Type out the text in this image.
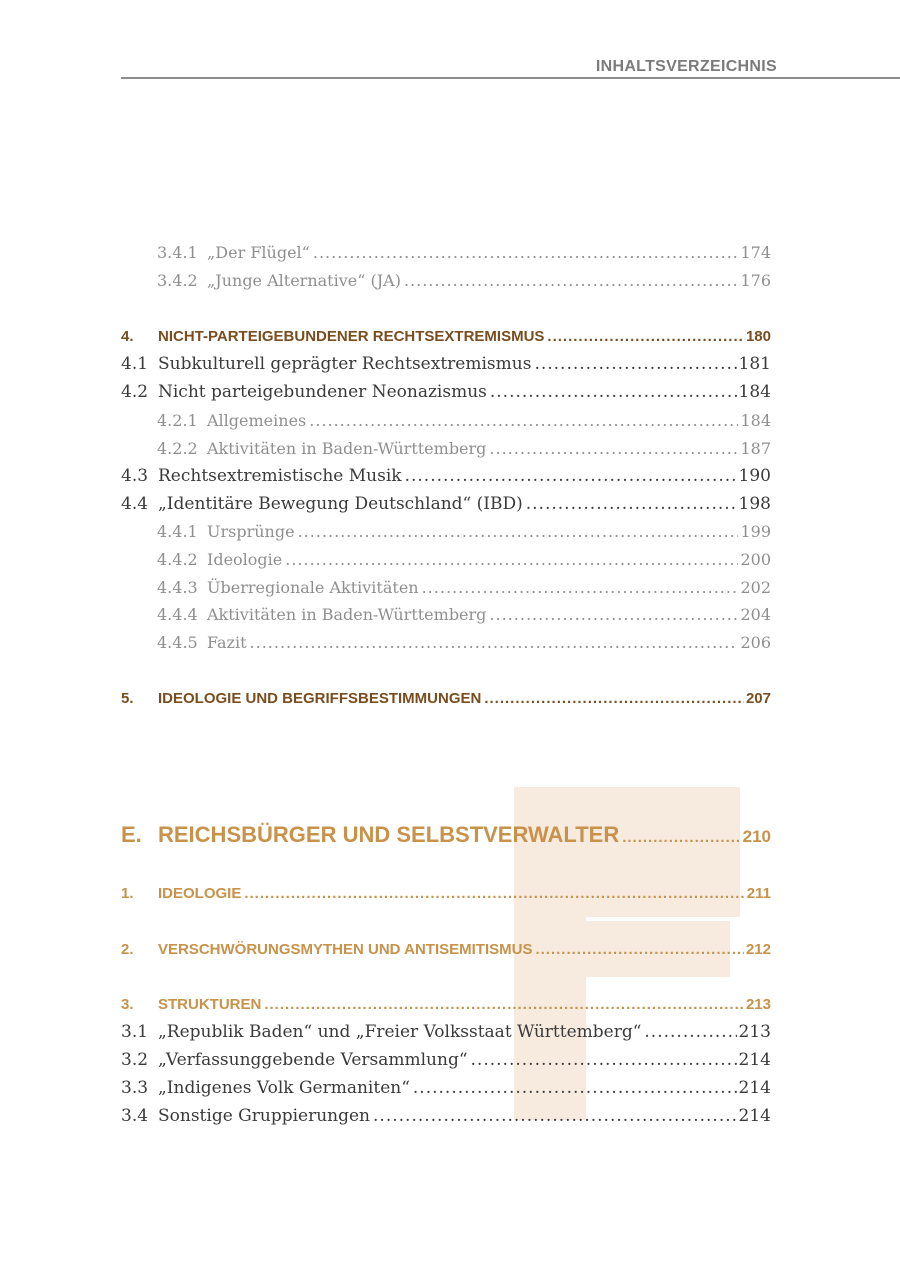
INHALTSVERZEICHNIS
3.4.1 „Der Flügel“ .....	174
3.4.2 „Junge Alternative“ (JA) .....	176
4.	NICHT-PARTEIGEBUNDENER RECHTSEXTREMISMUS .....	180
4.1 Subkulturell geprägter Rechtsextremismus .....	181
4.2 Nicht parteigebundener Neonazismus .....	184
4.2.1 Allgemeines .....	184
4.2.2 Aktivitäten in Baden-Württemberg .....	187
4.3 Rechtsextremistische Musik .....	190
4.4 „Identitäre Bewegung Deutschland“ (IBD) .....	198
4.4.1 Ursprünge .....	199
4.4.2 Ideologie .....	200
4.4.3 Überregionale Aktivitäten .....	202
4.4.4 Aktivitäten in Baden-Württemberg .....	204
4.4.5 Fazit .....	206
5.	IDEOLOGIE UND BEGRIFFSBESTIMMUNGEN .....	207
E. REICHSBÜRGER UND SELBSTVERWALTER .....	210
1.	IDEOLOGIE .....	211
2.	VERSCHWÖRUNGSMYTHEN UND ANTISEMITISMUS .....	212
3.	STRUKTUREN .....	213
3.1 „Republik Baden“ und „Freier Volksstaat Württemberg“ .....	213
3.2 „Verfassunggebende Versammlung“ .....	214
3.3 „Indigenes Volk Germaniten“ .....	214
3.4 Sonstige Gruppierungen .....	214
